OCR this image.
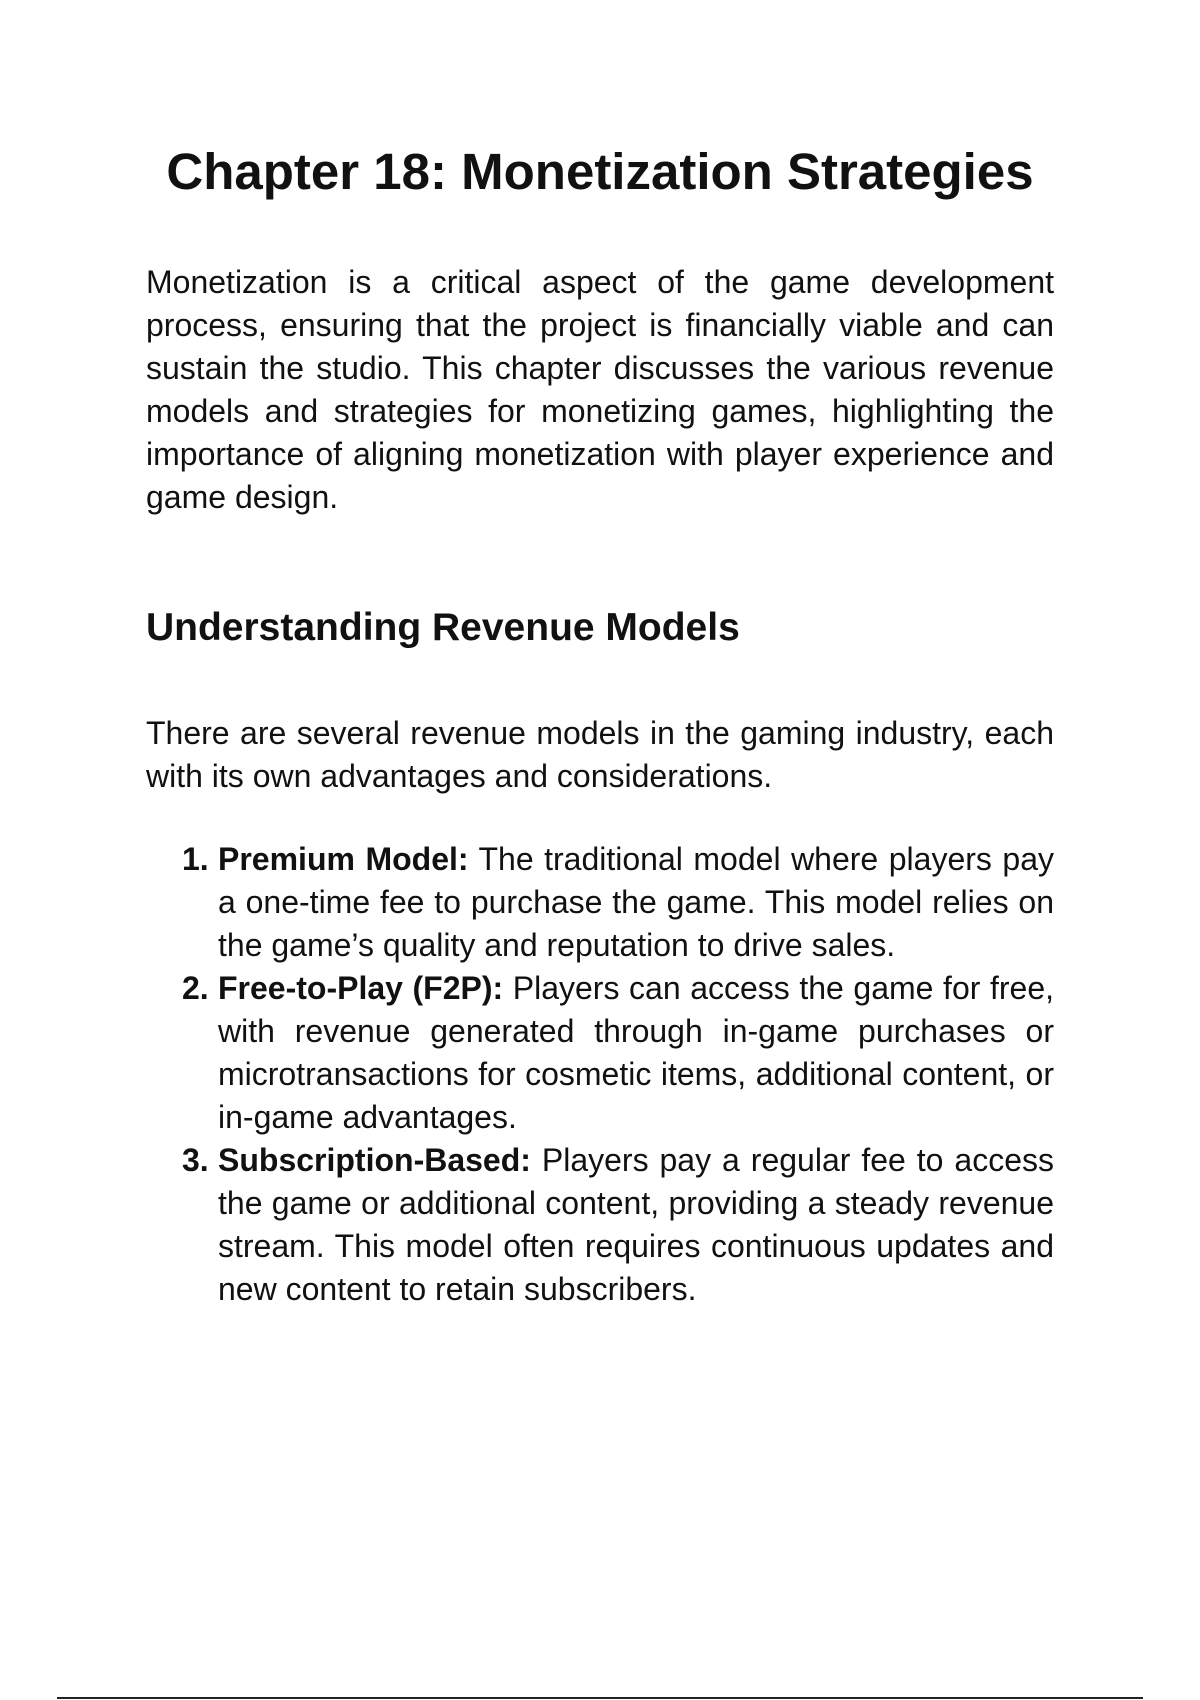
Chapter 18: Monetization Strategies

Monetization is a critical aspect of the game development process, ensuring that the project is financially viable and can sustain the studio. This chapter discusses the various revenue models and strategies for monetizing games, highlighting the importance of aligning monetization with player experience and game design.

Understanding Revenue Models

There are several revenue models in the gaming industry, each with its own advantages and considerations.

1. Premium Model: The traditional model where players pay a one-time fee to purchase the game. This model relies on the game’s quality and reputation to drive sales.
2. Free-to-Play (F2P): Players can access the game for free, with revenue generated through in-game purchases or microtransactions for cosmetic items, additional content, or in-game advantages.
3. Subscription-Based: Players pay a regular fee to access the game or additional content, providing a steady revenue stream. This model often requires continuous updates and new content to retain subscribers.
